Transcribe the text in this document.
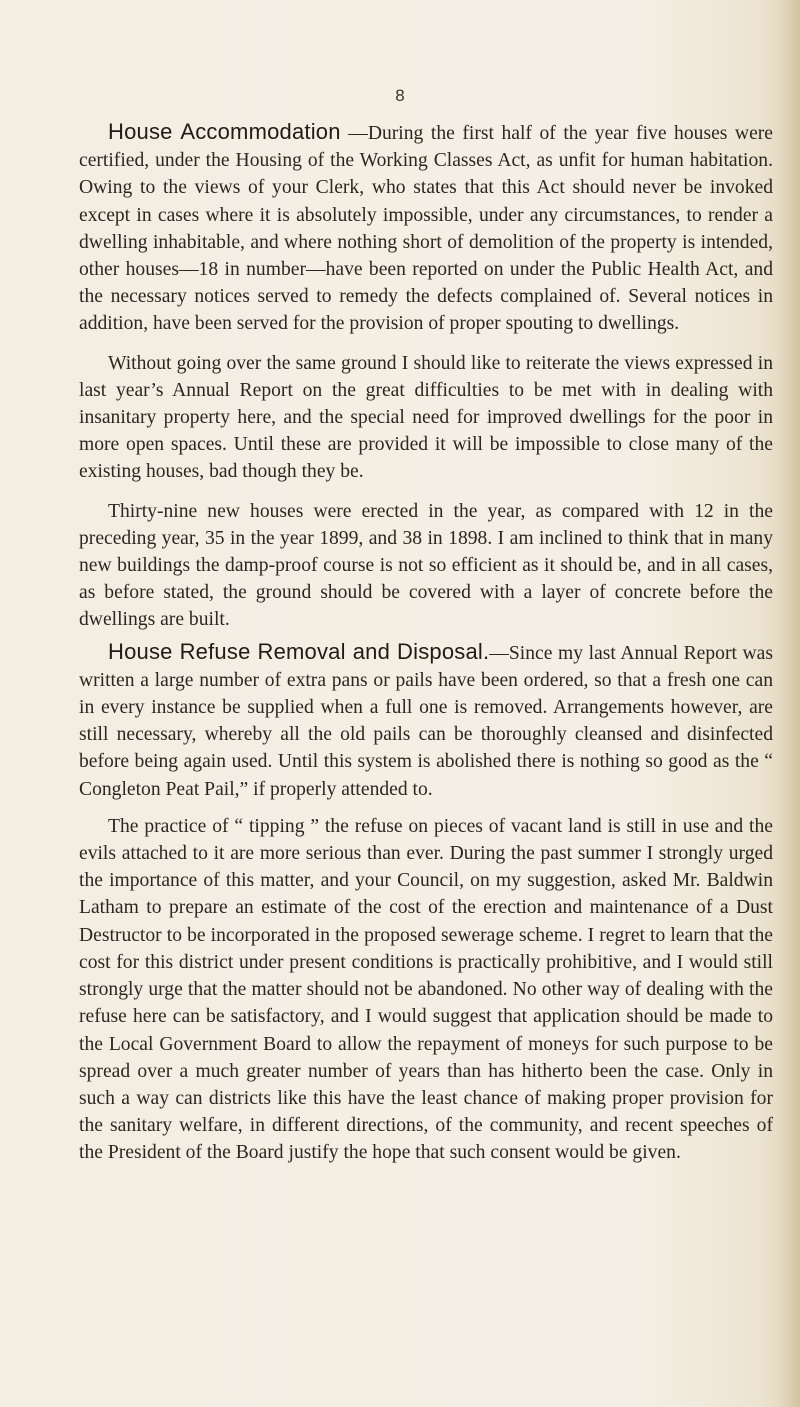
8

House Accommodation —During the first half of the year five houses were certified, under the Housing of the Working Classes Act, as unfit for human habitation. Owing to the views of your Clerk, who states that this Act should never be invoked except in cases where it is absolutely impossible, under any circumstances, to render a dwelling inhabitable, and where nothing short of demolition of the property is intended, other houses—18 in number—have been reported on under the Public Health Act, and the necessary notices served to remedy the defects complained of. Several notices in addition, have been served for the provision of proper spouting to dwellings.

Without going over the same ground I should like to reiterate the views expressed in last year’s Annual Report on the great difficulties to be met with in dealing with insanitary property here, and the special need for improved dwellings for the poor in more open spaces. Until these are provided it will be impossible to close many of the existing houses, bad though they be.

Thirty-nine new houses were erected in the year, as compared with 12 in the preceding year, 35 in the year 1899, and 38 in 1898. I am inclined to think that in many new buildings the damp-proof course is not so efficient as it should be, and in all cases, as before stated, the ground should be covered with a layer of concrete before the dwellings are built.

House Refuse Removal and Disposal.—Since my last Annual Report was written a large number of extra pans or pails have been ordered, so that a fresh one can in every instance be supplied when a full one is removed. Arrangements however, are still necessary, whereby all the old pails can be thoroughly cleansed and disinfected before being again used. Until this system is abolished there is nothing so good as the “ Congleton Peat Pail,” if properly attended to.

The practice of “ tipping ” the refuse on pieces of vacant land is still in use and the evils attached to it are more serious than ever. During the past summer I strongly urged the importance of this matter, and your Council, on my suggestion, asked Mr. Baldwin Latham to prepare an estimate of the cost of the erection and maintenance of a Dust Destructor to be incorporated in the proposed sewerage scheme. I regret to learn that the cost for this district under present conditions is practically prohibitive, and I would still strongly urge that the matter should not be abandoned. No other way of dealing with the refuse here can be satisfactory, and I would suggest that application should be made to the Local Government Board to allow the repayment of moneys for such purpose to be spread over a much greater number of years than has hitherto been the case. Only in such a way can districts like this have the least chance of making proper provision for the sanitary welfare, in different directions, of the community, and recent speeches of the President of the Board justify the hope that such consent would be given.
